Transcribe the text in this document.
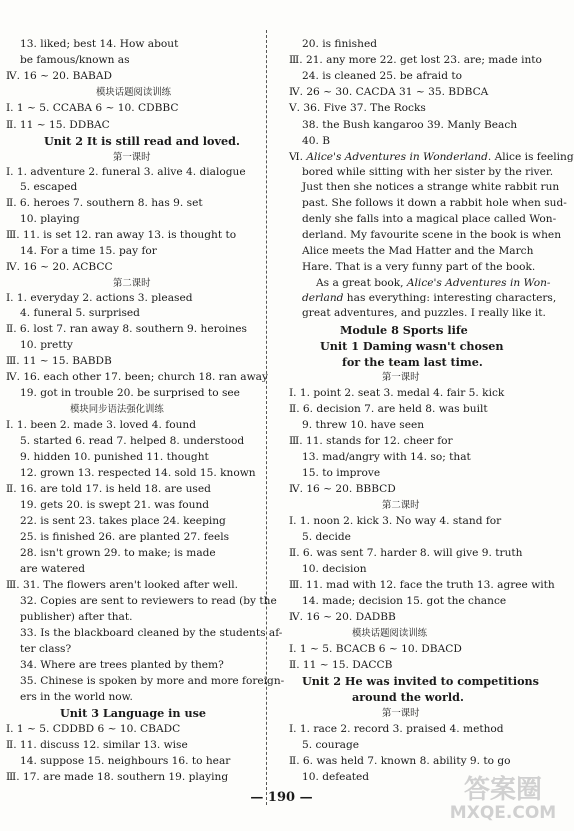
13. liked; best 14. How about
be famous/known as
Ⅳ. 16 ~ 20. BABAD
模块话题阅读训练
Ⅰ. 1 ~ 5. CCABA 6 ~ 10. CDBBC
Ⅱ. 11 ~ 15. DDBAC
Unit 2 It is still read and loved.
第一课时
Ⅰ. 1. adventure 2. funeral 3. alive 4. dialogue
5. escaped
Ⅱ. 6. heroes 7. southern 8. has 9. set
10. playing
Ⅲ. 11. is set 12. ran away 13. is thought to
14. For a time 15. pay for
Ⅳ. 16 ~ 20. ACBCC
第二课时
Ⅰ. 1. everyday 2. actions 3. pleased
4. funeral 5. surprised
Ⅱ. 6. lost 7. ran away 8. southern 9. heroines
10. pretty
Ⅲ. 11 ~ 15. BABDB
Ⅳ. 16. each other 17. been; church 18. ran away
19. got in trouble 20. be surprised to see
模块同步语法强化训练
Ⅰ. 1. been 2. made 3. loved 4. found
5. started 6. read 7. helped 8. understood
9. hidden 10. punished 11. thought
12. grown 13. respected 14. sold 15. known
Ⅱ. 16. are told 17. is held 18. are used
19. gets 20. is swept 21. was found
22. is sent 23. takes place 24. keeping
25. is finished 26. are planted 27. feels
28. isn't grown 29. to make; is made
are watered
Ⅲ. 31. The flowers aren't looked after well.
32. Copies are sent to reviewers to read (by the
publisher) after that.
33. Is the blackboard cleaned by the students af-
ter class?
34. Where are trees planted by them?
35. Chinese is spoken by more and more foreign-
ers in the world now.
Unit 3 Language in use
Ⅰ. 1 ~ 5. CDDBD 6 ~ 10. CBADC
Ⅱ. 11. discuss 12. similar 13. wise
14. suppose 15. neighbours 16. to hear
Ⅲ. 17. are made 18. southern 19. playing
20. is finished
Ⅲ. 21. any more 22. get lost 23. are; made into
24. is cleaned 25. be afraid to
Ⅳ. 26 ~ 30. CACDA 31 ~ 35. BDBCA
Ⅴ. 36. Five 37. The Rocks
38. the Bush kangaroo 39. Manly Beach
40. B
Ⅵ. Alice's Adventures in Wonderland. Alice is feeling
bored while sitting with her sister by the river.
Just then she notices a strange white rabbit run
past. She follows it down a rabbit hole when sud-
denly she falls into a magical place called Won-
derland. My favourite scene in the book is when
Alice meets the Mad Hatter and the March
Hare. That is a very funny part of the book.
As a great book, Alice's Adventures in Won-
derland has everything: interesting characters,
great adventures, and puzzles. I really like it.
Module 8 Sports life
Unit 1 Daming wasn't chosen
for the team last time.
第一课时
Ⅰ. 1. point 2. seat 3. medal 4. fair 5. kick
Ⅱ. 6. decision 7. are held 8. was built
9. threw 10. have seen
Ⅲ. 11. stands for 12. cheer for
13. mad/angry with 14. so; that
15. to improve
Ⅳ. 16 ~ 20. BBBCD
第二课时
Ⅰ. 1. noon 2. kick 3. No way 4. stand for
5. decide
Ⅱ. 6. was sent 7. harder 8. will give 9. truth
10. decision
Ⅲ. 11. mad with 12. face the truth 13. agree with
14. made; decision 15. got the chance
Ⅳ. 16 ~ 20. DADBB
模块话题阅读训练
Ⅰ. 1 ~ 5. BCACB 6 ~ 10. DBACD
Ⅱ. 11 ~ 15. DACCB
Unit 2 He was invited to competitions
around the world.
第一课时
Ⅰ. 1. race 2. record 3. praised 4. method
5. courage
Ⅱ. 6. was held 7. known 8. ability 9. to go
10. defeated
— 190 —	答案圈
MXQE.COM
